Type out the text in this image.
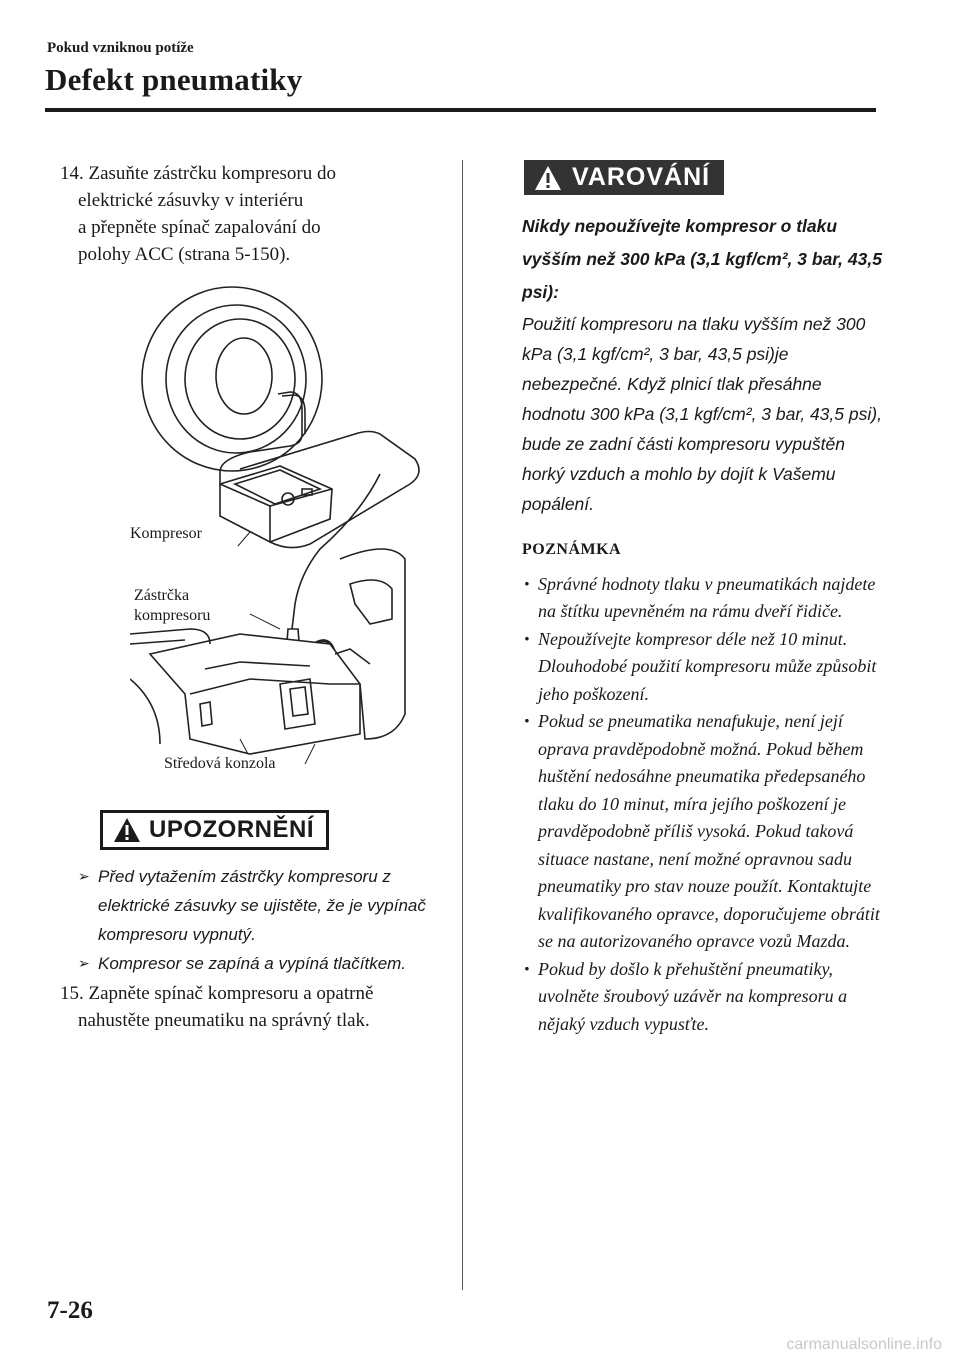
Pokud vzniknou potíže
Defekt pneumatiky
14. Zasuňte zástrčku kompresoru do
elektrické zásuvky v interiéru
a přepněte spínač zapalování do
polohy ACC (strana 5-150).
Kompresor
Zástrčka
kompresoru
Středová konzola
UPOZORNĚNÍ
➢ Před vytažením zástrčky kompresoru z elektrické zásuvky se ujistěte, že je vypínač kompresoru vypnutý.
➢ Kompresor se zapíná a vypíná tlačítkem.
15. Zapněte spínač kompresoru a opatrně
nahustěte pneumatiku na správný tlak.
VAROVÁNÍ
Nikdy nepoužívejte kompresor o tlaku vyšším než 300 kPa (3,1 kgf/cm², 3 bar, 43,5 psi):
Použití kompresoru na tlaku vyšším než 300 kPa (3,1 kgf/cm², 3 bar, 43,5 psi)je nebezpečné. Když plnicí tlak přesáhne hodnotu 300 kPa (3,1 kgf/cm², 3 bar, 43,5 psi), bude ze zadní části kompresoru vypuštěn horký vzduch a mohlo by dojít k Vašemu popálení.
POZNÁMKA
· Správné hodnoty tlaku v pneumatikách najdete na štítku upevněném na rámu dveří řidiče.
· Nepoužívejte kompresor déle než 10 minut. Dlouhodobé použití kompresoru může způsobit jeho poškození.
· Pokud se pneumatika nenafukuje, není její oprava pravděpodobně možná. Pokud během huštění nedosáhne pneumatika předepsaného tlaku do 10 minut, míra jejího poškození je pravděpodobně příliš vysoká. Pokud taková situace nastane, není možné opravnou sadu pneumatiky pro stav nouze použít. Kontaktujte kvalifikovaného opravce, doporučujeme obrátit se na autorizovaného opravce vozů Mazda.
· Pokud by došlo k přehuštění pneumatiky, uvolněte šroubový uzávěr na kompresoru a nějaký vzduch vypusťte.
7-26
carmanualsonline.info
